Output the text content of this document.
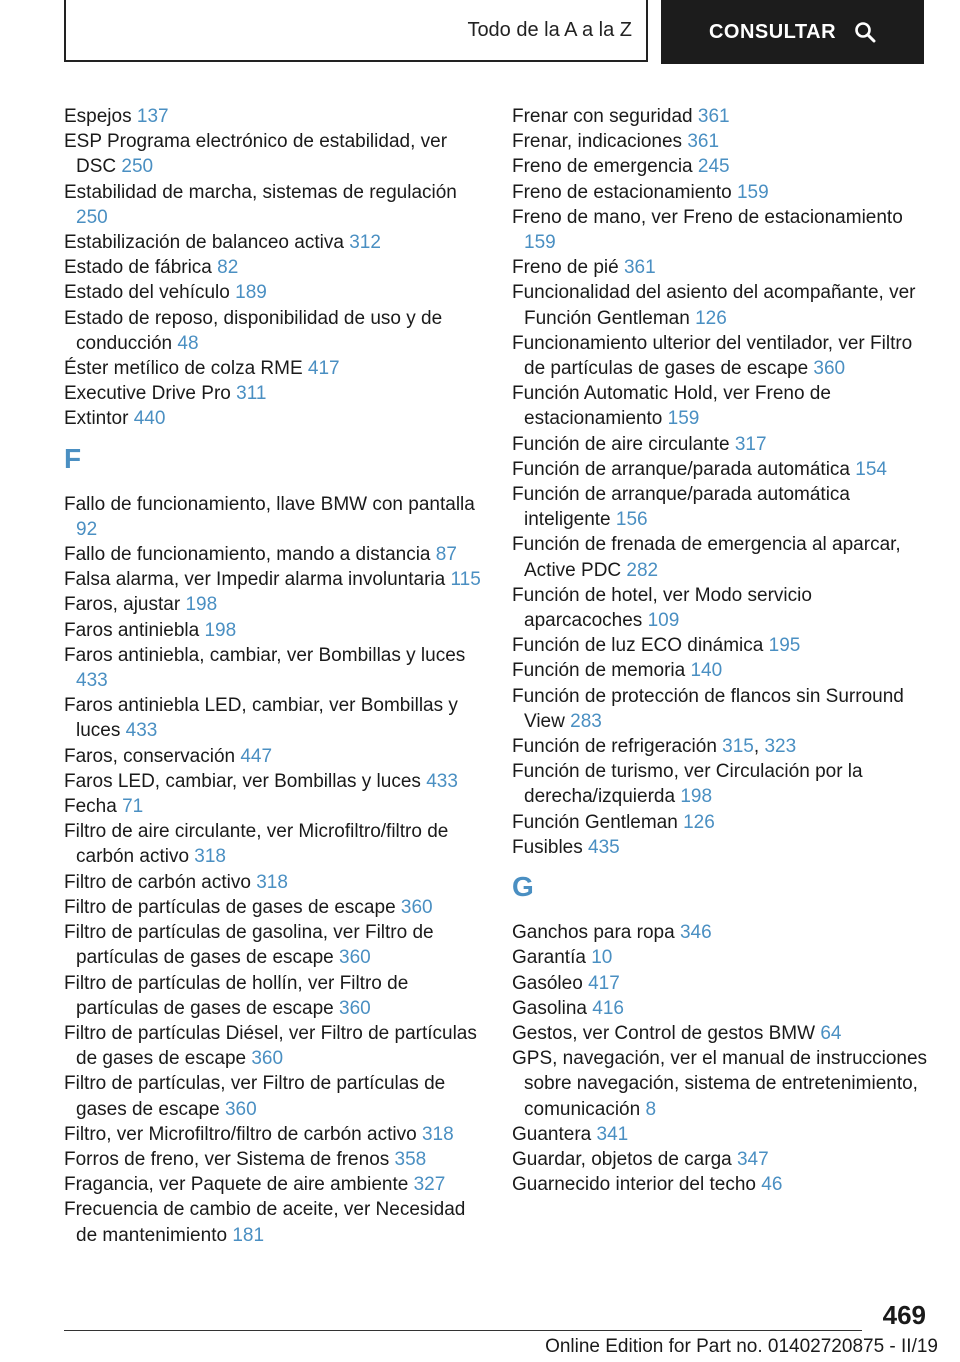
Todo de la A a la Z	CONSULTAR
Espejos 137
ESP Programa electrónico de estabilidad, ver DSC 250
Estabilidad de marcha, sistemas de regulación 250
Estabilización de balanceo activa 312
Estado de fábrica 82
Estado del vehículo 189
Estado de reposo, disponibilidad de uso y de conducción 48
Éster metílico de colza RME 417
Executive Drive Pro 311
Extintor 440
F
Fallo de funcionamiento, llave BMW con pantalla 92
Fallo de funcionamiento, mando a distancia 87
Falsa alarma, ver Impedir alarma involuntaria 115
Faros, ajustar 198
Faros antiniebla 198
Faros antiniebla, cambiar, ver Bombillas y luces 433
Faros antiniebla LED, cambiar, ver Bombillas y luces 433
Faros, conservación 447
Faros LED, cambiar, ver Bombillas y luces 433
Fecha 71
Filtro de aire circulante, ver Microfiltro/filtro de carbón activo 318
Filtro de carbón activo 318
Filtro de partículas de gases de escape 360
Filtro de partículas de gasolina, ver Filtro de partículas de gases de escape 360
Filtro de partículas de hollín, ver Filtro de partículas de gases de escape 360
Filtro de partículas Diésel, ver Filtro de partículas de gases de escape 360
Filtro de partículas, ver Filtro de partículas de gases de escape 360
Filtro, ver Microfiltro/filtro de carbón activo 318
Forros de freno, ver Sistema de frenos 358
Fragancia, ver Paquete de aire ambiente 327
Frecuencia de cambio de aceite, ver Necesidad de mantenimiento 181
Frenar con seguridad 361
Frenar, indicaciones 361
Freno de emergencia 245
Freno de estacionamiento 159
Freno de mano, ver Freno de estacionamiento 159
Freno de pié 361
Funcionalidad del asiento del acompañante, ver Función Gentleman 126
Funcionamiento ulterior del ventilador, ver Filtro de partículas de gases de escape 360
Función Automatic Hold, ver Freno de estacionamiento 159
Función de aire circulante 317
Función de arranque/parada automática 154
Función de arranque/parada automática inteligente 156
Función de frenada de emergencia al aparcar, Active PDC 282
Función de hotel, ver Modo servicio aparcacoches 109
Función de luz ECO dinámica 195
Función de memoria 140
Función de protección de flancos sin Surround View 283
Función de refrigeración 315, 323
Función de turismo, ver Circulación por la derecha/izquierda 198
Función Gentleman 126
Fusibles 435
G
Ganchos para ropa 346
Garantía 10
Gasóleo 417
Gasolina 416
Gestos, ver Control de gestos BMW 64
GPS, navegación, ver el manual de instrucciones sobre navegación, sistema de entretenimiento, comunicación 8
Guantera 341
Guardar, objetos de carga 347
Guarnecido interior del techo 46
469
Online Edition for Part no. 01402720875 - II/19
